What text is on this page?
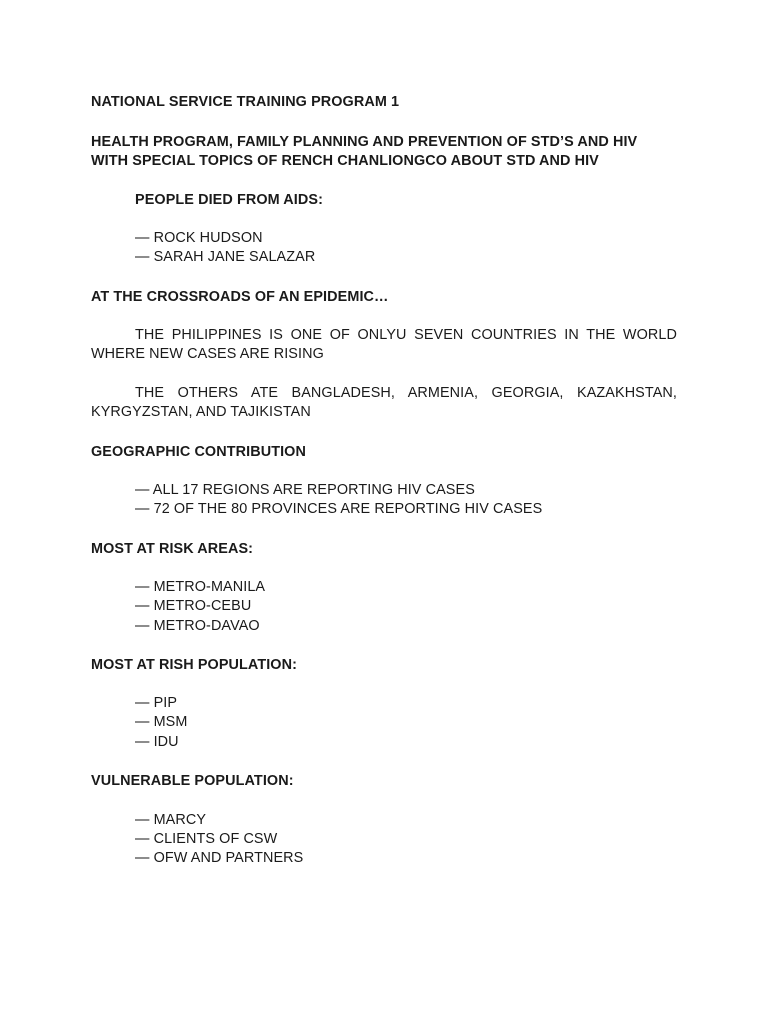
NATIONAL SERVICE TRAINING PROGRAM 1
HEALTH PROGRAM, FAMILY PLANNING AND PREVENTION OF STD’S AND HIV
WITH SPECIAL TOPICS OF RENCH CHANLIONGCO ABOUT STD AND HIV
PEOPLE DIED FROM AIDS:
— ROCK HUDSON
— SARAH JANE SALAZAR
AT THE CROSSROADS OF AN EPIDEMIC…
THE PHILIPPINES IS ONE OF ONLYU SEVEN COUNTRIES IN THE WORLD
WHERE NEW CASES ARE RISING
THE OTHERS ATE BANGLADESH, ARMENIA, GEORGIA, KAZAKHSTAN,
KYRGYZSTAN, AND TAJIKISTAN
GEOGRAPHIC CONTRIBUTION
— ALL 17 REGIONS ARE REPORTING HIV CASES
— 72 OF THE 80 PROVINCES ARE REPORTING HIV CASES
MOST AT RISK AREAS:
— METRO-MANILA
— METRO-CEBU
— METRO-DAVAO
MOST AT RISH POPULATION:
— PIP
— MSM
— IDU
VULNERABLE POPULATION:
— MARCY
— CLIENTS OF CSW
— OFW AND PARTNERS
